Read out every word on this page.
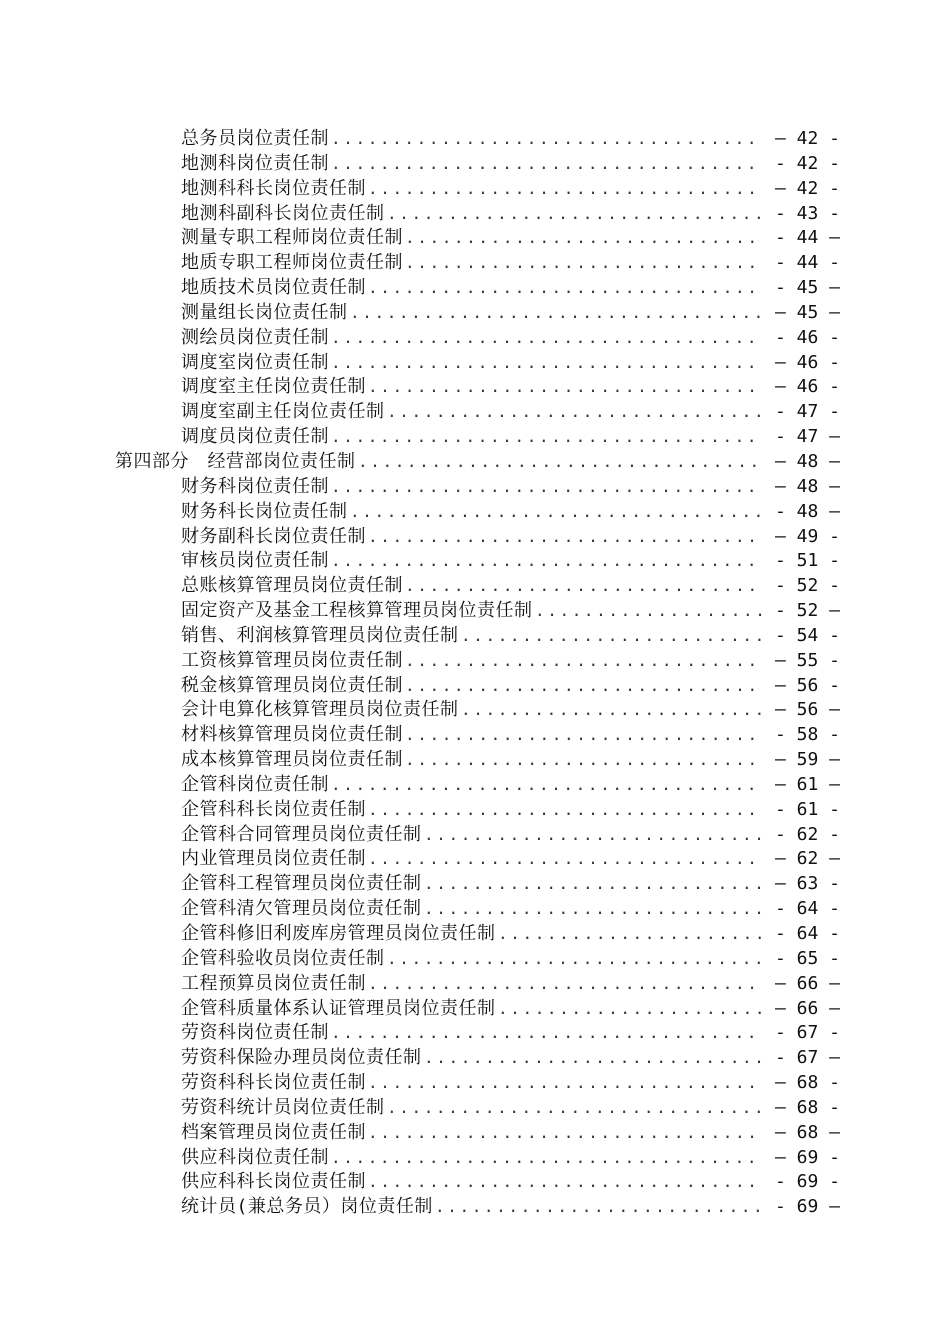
总务员岗位责任制 ................................... — 42 -
地测科岗位责任制 ................................... - 42 -
地测科科长岗位责任制 ................................ — 42 -
地测科副科长岗位责任制 ............................... - 43 -
测量专职工程师岗位责任制 ............................. - 44 —
地质专职工程师岗位责任制 ............................. - 44 -
地质技术员岗位责任制 ................................ - 45 —
测量组长岗位责任制 .................................. — 45 —
测绘员岗位责任制 ................................... - 46 -
调度室岗位责任制 ................................... — 46 -
调度室主任岗位责任制 ................................ — 46 -
调度室副主任岗位责任制 ............................... - 47 -
调度员岗位责任制 ................................... - 47 —
第四部分　经营部岗位责任制 ................................. — 48 —
财务科岗位责任制 ................................... — 48 —
财务科长岗位责任制 .................................. - 48 —
财务副科长岗位责任制 ................................ — 49 -
审核员岗位责任制 ................................... - 51 -
总账核算管理员岗位责任制 ............................. - 52 -
固定资产及基金工程核算管理员岗位责任制 ................... - 52 —
销售、利润核算管理员岗位责任制 ......................... - 54 -
工资核算管理员岗位责任制 ............................. — 55 -
税金核算管理员岗位责任制 ............................. — 56 -
会计电算化核算管理员岗位责任制 ......................... — 56 —
材料核算管理员岗位责任制 ............................. - 58 -
成本核算管理员岗位责任制 ............................. — 59 —
企管科岗位责任制 ................................... — 61 —
企管科科长岗位责任制 ................................ - 61 -
企管科合同管理员岗位责任制 ............................ - 62 -
内业管理员岗位责任制 ................................ — 62 —
企管科工程管理员岗位责任制 ............................ — 63 -
企管科清欠管理员岗位责任制 ............................ - 64 -
企管科修旧利废库房管理员岗位责任制 ...................... - 64 -
企管科验收员岗位责任制 ............................... - 65 -
工程预算员岗位责任制 ................................ — 66 —
企管科质量体系认证管理员岗位责任制 ...................... — 66 —
劳资科岗位责任制 ................................... - 67 -
劳资科保险办理员岗位责任制 ............................ - 67 —
劳资科科长岗位责任制 ................................ — 68 -
劳资科统计员岗位责任制 ............................... — 68 -
档案管理员岗位责任制 ................................ — 68 —
供应科岗位责任制 ................................... — 69 -
供应科科长岗位责任制 ................................ - 69 -
统计员(兼总务员）岗位责任制 ........................... - 69 —
